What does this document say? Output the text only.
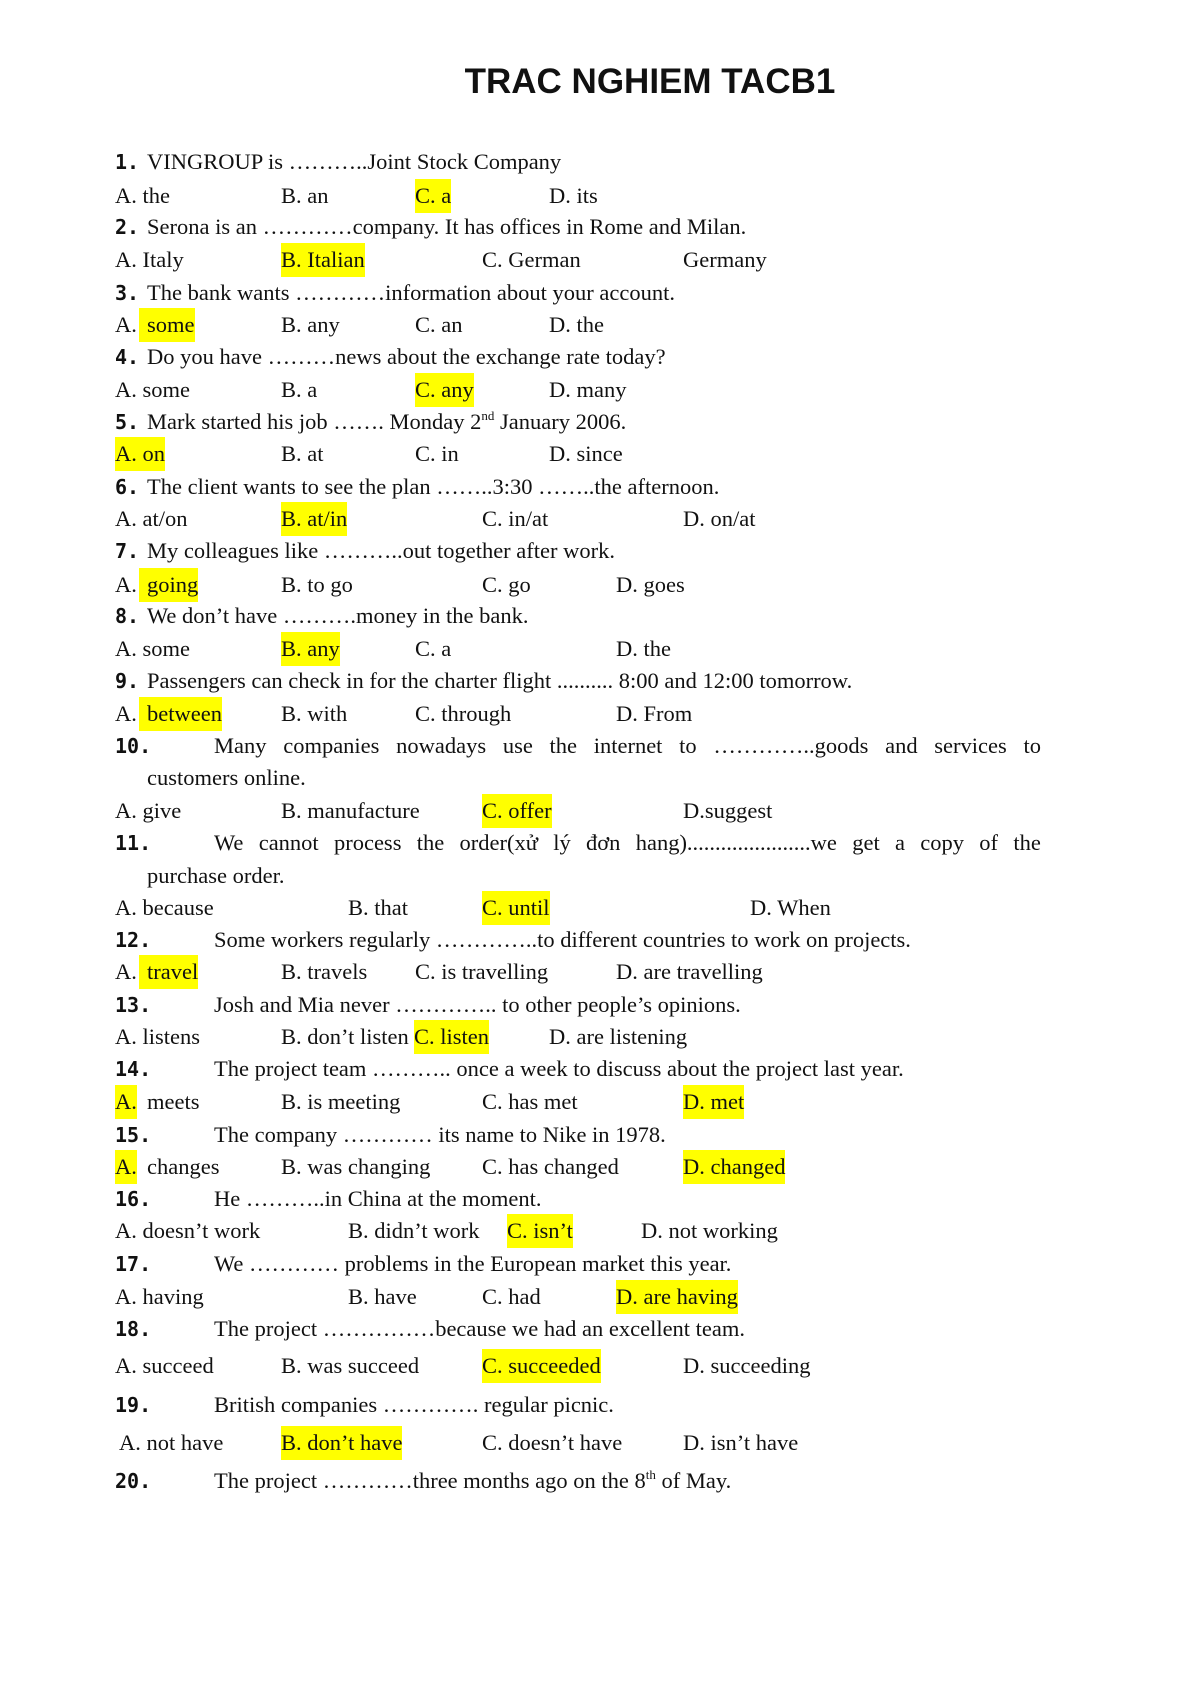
TRAC NGHIEM TACB1
1. VINGROUP is ………..Joint Stock Company
A. the	B. an	C. a	D. its
2. Serona is an …………company. It has offices in Rome and Milan.
A. Italy	B. Italian	C. German	Germany
3. The bank wants …………information about your account.
A. some	B. any	C. an	D. the
4. Do you have ………news about the exchange rate today?
A. some	B. a	C. any	D. many
5. Mark started his job ……. Monday 2nd January 2006.
A. on	B. at	C. in	D. since
6. The client wants to see the plan ……..3:30 ……..the afternoon.
A. at/on	B. at/in	C. in/at	D. on/at
7. My colleagues like ………..out together after work.
A. going	B. to go	C. go	D. goes
8. We don’t have ……….money in the bank.
A. some	B. any	C. a	D. the
9. Passengers can check in for the charter flight .......... 8:00 and 12:00 tomorrow.
A. between	B. with	C. through	D. From
10.	Many companies nowadays use the internet to …………..goods and services to
customers online.
A. give	B. manufacture	C. offer	D.suggest
11.	We cannot process the order(xử lý đơn hang)......................we get a copy of the
purchase order.
A. because	B. that	C. until	D. When
12.	Some workers regularly …………..to different countries to work on projects.
A. travel	B. travels C. is travelling	D. are travelling
13.	Josh and Mia never ………….. to other people’s opinions.
A. listens	B. don’t listen C. listen	D. are listening
14.	The project team ……….. once a week to discuss about the project last year.
A. meets	B. is meeting	C. has met	D. met
15.	The company ………… its name to Nike in 1978.
A. changes	B. was changing C. has changed	D. changed
16.	He ………..in China at the moment.
A. doesn’t work	B. didn’t work C. isn’t	D. not working
17.	We ………… problems in the European market this year.
A. having	B. have	C. had	D. are having
18.	The project ……………because we had an excellent team.
A. succeed	B. was succeed	C. succeeded	D. succeeding
19.	British companies …………. regular picnic.
A. not have	B. don’t have	C. doesn’t have	D. isn’t have
20.	The project …………three months ago on the 8th of May.
